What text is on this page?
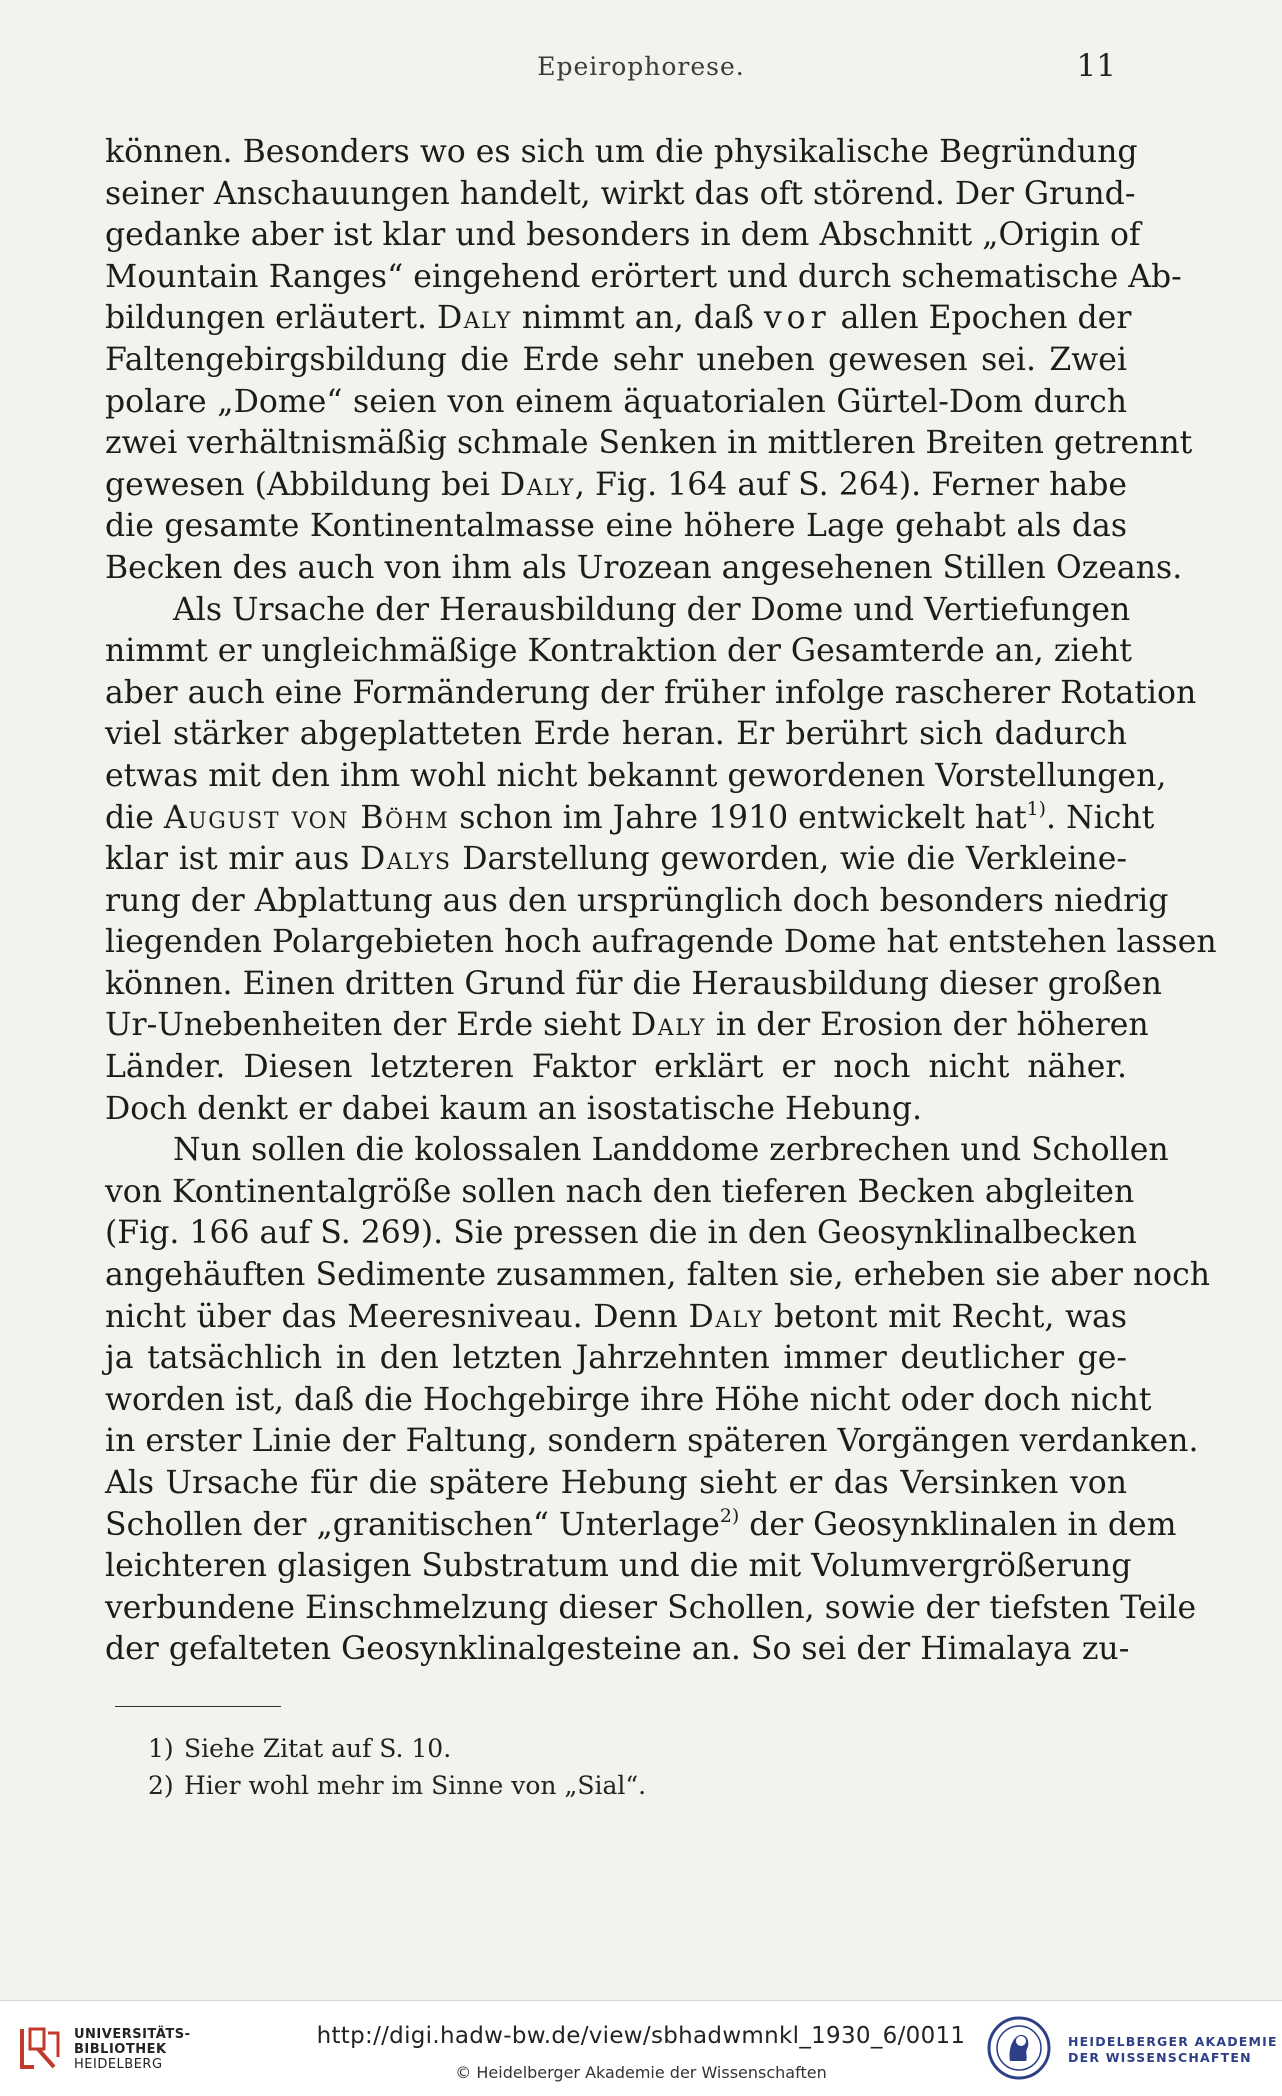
Epeirophorese.	11
können. Besonders wo es sich um die physikalische Begründung
seiner Anschauungen handelt, wirkt das oft störend. Der Grund-
gedanke aber ist klar und besonders in dem Abschnitt „Origin of
Mountain Ranges“ eingehend erörtert und durch schematische Ab-
bildungen erläutert. Daly nimmt an, daß vor allen Epochen der
Faltengebirgsbildung die Erde sehr uneben gewesen sei. Zwei
polare „Dome“ seien von einem äquatorialen Gürtel-Dom durch
zwei verhältnismäßig schmale Senken in mittleren Breiten getrennt
gewesen (Abbildung bei Daly, Fig. 164 auf S. 264). Ferner habe
die gesamte Kontinentalmasse eine höhere Lage gehabt als das
Becken des auch von ihm als Urozean angesehenen Stillen Ozeans.
Als Ursache der Herausbildung der Dome und Vertiefungen
nimmt er ungleichmäßige Kontraktion der Gesamterde an, zieht
aber auch eine Formänderung der früher infolge rascherer Rotation
viel stärker abgeplatteten Erde heran. Er berührt sich dadurch
etwas mit den ihm wohl nicht bekannt gewordenen Vorstellungen,
die August von Böhm schon im Jahre 1910 entwickelt hat$^{1)}$. Nicht
klar ist mir aus Dalys Darstellung geworden, wie die Verkleine-
rung der Abplattung aus den ursprünglich doch besonders niedrig
liegenden Polargebieten hoch aufragende Dome hat entstehen lassen
können. Einen dritten Grund für die Herausbildung dieser großen
Ur-Unebenheiten der Erde sieht Daly in der Erosion der höheren
Länder. Diesen letzteren Faktor erklärt er noch nicht näher.
Doch denkt er dabei kaum an isostatische Hebung.
Nun sollen die kolossalen Landdome zerbrechen und Schollen
von Kontinentalgröße sollen nach den tieferen Becken abgleiten
(Fig. 166 auf S. 269). Sie pressen die in den Geosynklinalbecken
angehäuften Sedimente zusammen, falten sie, erheben sie aber noch
nicht über das Meeresniveau. Denn Daly betont mit Recht, was
ja tatsächlich in den letzten Jahrzehnten immer deutlicher ge-
worden ist, daß die Hochgebirge ihre Höhe nicht oder doch nicht
in erster Linie der Faltung, sondern späteren Vorgängen verdanken.
Als Ursache für die spätere Hebung sieht er das Versinken von
Schollen der „granitischen“ Unterlage$^{2)}$ der Geosynklinalen in dem
leichteren glasigen Substratum und die mit Volumvergrößerung
verbundene Einschmelzung dieser Schollen, sowie der tiefsten Teile
der gefalteten Geosynklinalgesteine an. So sei der Himalaya zu-
1) Siehe Zitat auf S. 10.
2) Hier wohl mehr im Sinne von „Sial“.
UNIVERSITÄTS-
BIBLIOTHEK
HEIDELBERG
http://digi.hadw-bw.de/view/sbhadwmnkl_1930_6/0011
© Heidelberger Akademie der Wissenschaften
HEIDELBERGER AKADEMIE
DER WISSENSCHAFTEN
